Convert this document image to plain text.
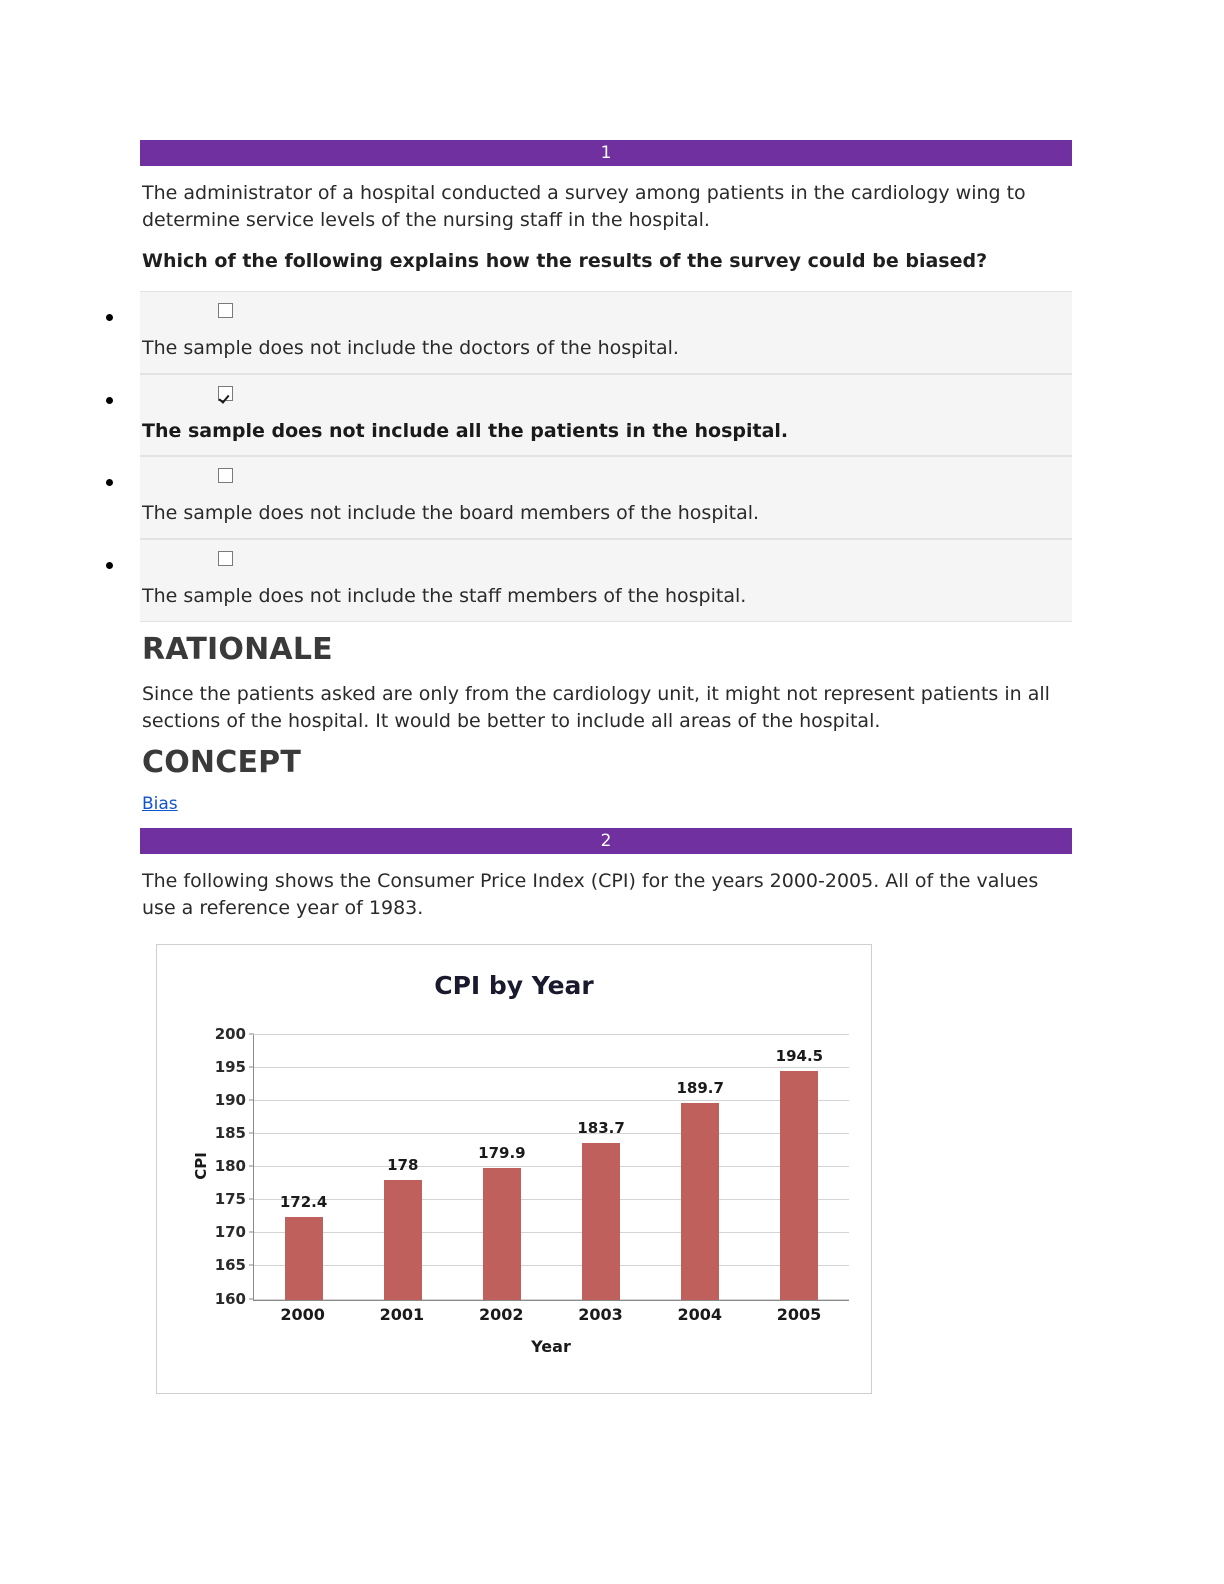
1
The administrator of a hospital conducted a survey among patients in the cardiology wing to determine service levels of the nursing staff in the hospital.
Which of the following explains how the results of the survey could be biased?
The sample does not include the doctors of the hospital.
The sample does not include all the patients in the hospital.
The sample does not include the board members of the hospital.
The sample does not include the staff members of the hospital.
RATIONALE
Since the patients asked are only from the cardiology unit, it might not represent patients in all sections of the hospital. It would be better to include all areas of the hospital.
CONCEPT
Bias
2
The following shows the Consumer Price Index (CPI) for the years 2000-2005. All of the values use a reference year of 1983.
CPI by Year
CPI
160
165
170
175
180
185
190
195
200
172.4
178
179.9
183.7
189.7
194.5
2000	2001	2002	2003	2004	2005
Year
